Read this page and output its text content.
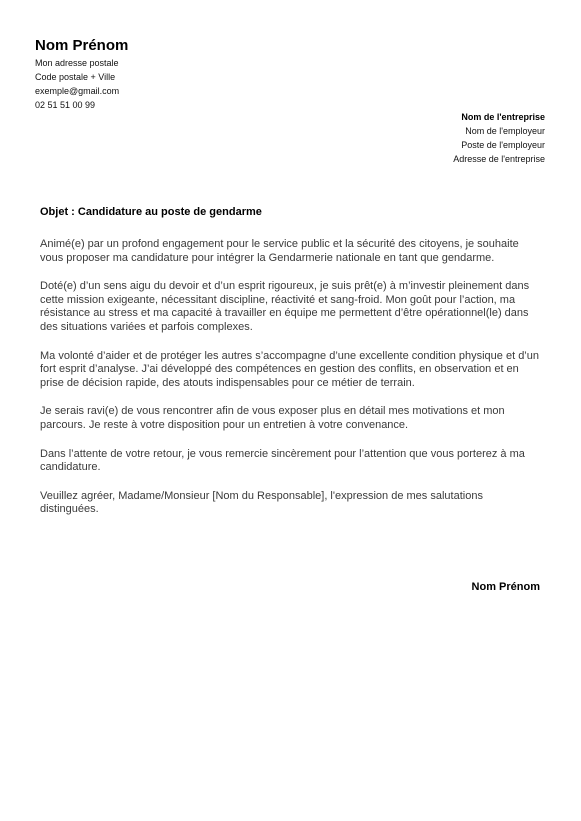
Nom Prénom
Mon adresse postale
Code postale + Ville
exemple@gmail.com
02 51 51 00 99
Nom de l'entreprise
Nom de l'employeur
Poste de l'employeur
Adresse de l'entreprise
Objet : Candidature au poste de gendarme

Animé(e) par un profond engagement pour le service public et la sécurité des citoyens, je souhaite vous proposer ma candidature pour intégrer la Gendarmerie nationale en tant que gendarme.

Doté(e) d’un sens aigu du devoir et d’un esprit rigoureux, je suis prêt(e) à m’investir pleinement dans cette mission exigeante, nécessitant discipline, réactivité et sang-froid. Mon goût pour l’action, ma résistance au stress et ma capacité à travailler en équipe me permettent d’être opérationnel(le) dans des situations variées et parfois complexes.

Ma volonté d’aider et de protéger les autres s’accompagne d’une excellente condition physique et d’un fort esprit d’analyse. J’ai développé des compétences en gestion des conflits, en observation et en prise de décision rapide, des atouts indispensables pour ce métier de terrain.

Je serais ravi(e) de vous rencontrer afin de vous exposer plus en détail mes motivations et mon parcours. Je reste à votre disposition pour un entretien à votre convenance.

Dans l’attente de votre retour, je vous remercie sincèrement pour l’attention que vous porterez à ma candidature.

Veuillez agréer, Madame/Monsieur [Nom du Responsable], l'expression de mes salutations distinguées.

Nom Prénom
